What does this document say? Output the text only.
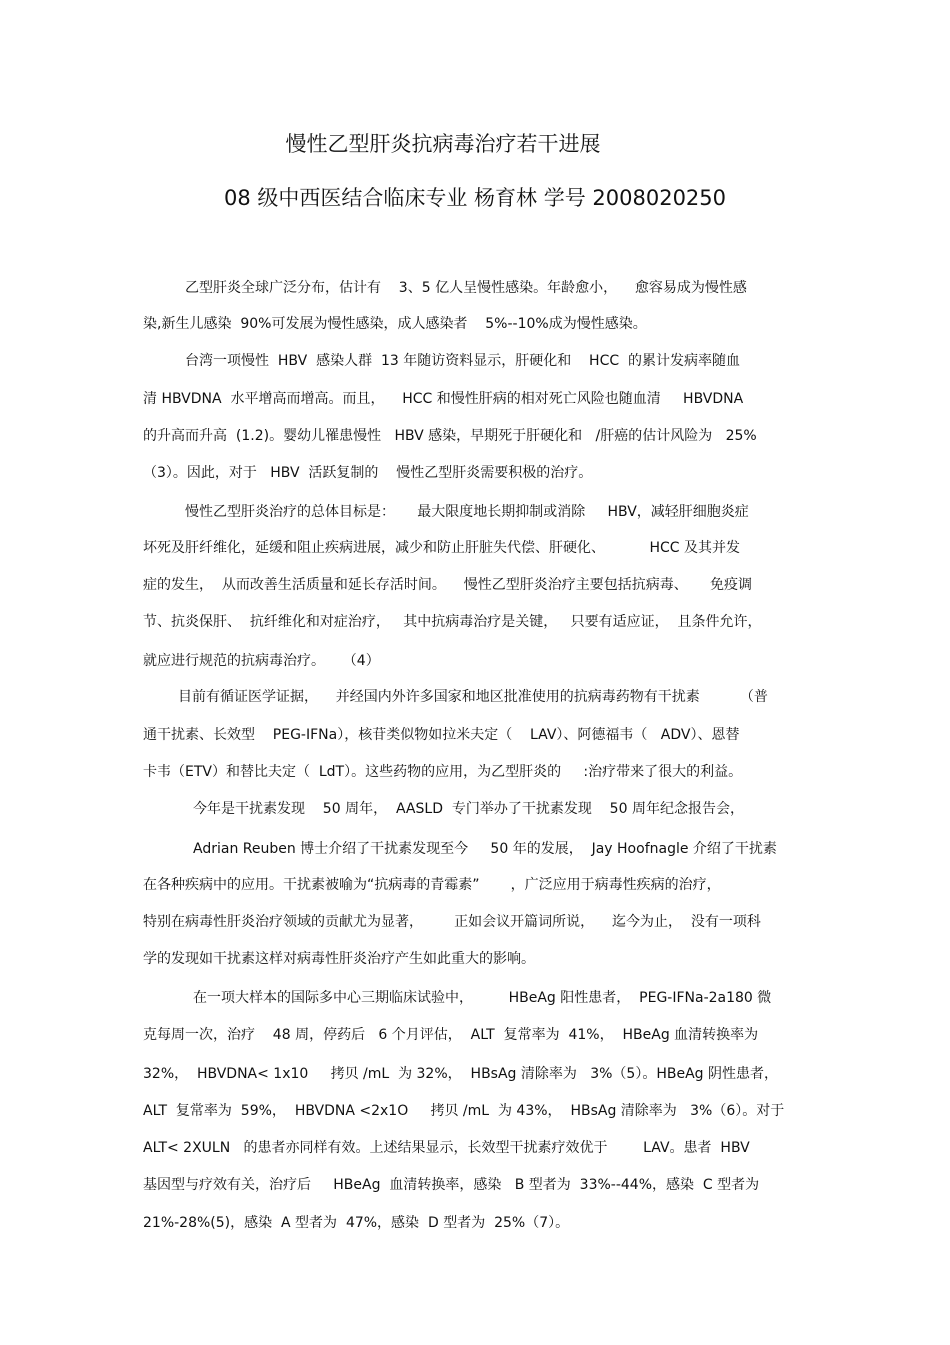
慢性乙型肝炎抗病毒治疗若干进展
08 级中西医结合临床专业 杨育林 学号 2008020250
乙型肝炎全球广泛分布，估计有    3、5 亿人呈慢性感染。年龄愈小，    愈容易成为慢性感
染,新生儿感染  90%可发展为慢性感染，成人感染者    5%--10%成为慢性感染。
台湾一项慢性  HBV  感染人群  13 年随访资料显示，肝硬化和    HCC  的累计发病率随血
清 HBVDNA  水平增高而增高。而且，    HCC 和慢性肝病的相对死亡风险也随血清     HBVDNA
的升高而升高  (1.2)。婴幼儿罹患慢性   HBV 感染，早期死于肝硬化和   /肝癌的估计风险为   25%
（3）。因此，对于   HBV  活跃复制的    慢性乙型肝炎需要积极的治疗。
慢性乙型肝炎治疗的总体目标是：     最大限度地长期抑制或消除     HBV，减轻肝细胞炎症
坏死及肝纤维化，延缓和阻止疾病进展，减少和防止肝脏失代偿、肝硬化、          HCC 及其并发
症的发生，  从而改善生活质量和延长存活时间。    慢性乙型肝炎治疗主要包括抗病毒、     免疫调
节、抗炎保肝、  抗纤维化和对症治疗，   其中抗病毒治疗是关键，   只要有适应证，  且条件允许，
就应进行规范的抗病毒治疗。    （4）
目前有循证医学证据，    并经国内外许多国家和地区批准使用的抗病毒药物有干扰素         （普
通干扰素、长效型    PEG-IFNa），核苷类似物如拉米夫定（    LAV）、阿德福韦（   ADV）、恩替
卡韦（ETV）和替比夫定（  LdT）。这些药物的应用，为乙型肝炎的     :治疗带来了很大的利益。
今年是干扰素发现    50 周年，  AASLD  专门举办了干扰素发现    50 周年纪念报告会，
Adrian Reuben 博士介绍了干扰素发现至今     50 年的发展，  Jay Hoofnagle 介绍了干扰素
在各种疾病中的应用。干扰素被喻为“抗病毒的青霉素”       ，广泛应用于病毒性疾病的治疗，
特别在病毒性肝炎治疗领域的贡献尤为显著，       正如会议开篇词所说，    迄今为止，  没有一项科
学的发现如干扰素这样对病毒性肝炎治疗产生如此重大的影响。
在一项大样本的国际多中心三期临床试验中，        HBeAg 阳性患者，  PEG-IFNa-2a180 微
克每周一次，治疗    48 周，停药后   6 个月评估，  ALT  复常率为  41%，  HBeAg 血清转换率为
32%，  HBVDNA< 1x10     拷贝 /mL  为 32%，  HBsAg 清除率为   3%（5）。HBeAg 阴性患者，
ALT  复常率为  59%，  HBVDNA <2x1O     拷贝 /mL  为 43%，  HBsAg 清除率为   3%（6）。对于
ALT< 2XULN   的患者亦同样有效。上述结果显示，长效型干扰素疗效优于        LAV。患者  HBV
基因型与疗效有关，治疗后     HBeAg  血清转换率，感染   B 型者为  33%--44%，感染  C 型者为
21%-28%(5)，感染  A 型者为  47%，感染  D 型者为  25%（7）。
